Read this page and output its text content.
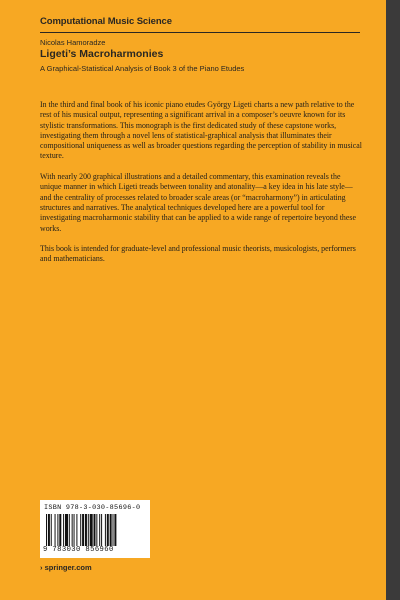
Computational Music Science
Nicolas Hamoradze
Ligeti’s Macroharmonies
A Graphical-Statistical Analysis of Book 3 of the Piano Etudes

In the third and final book of his iconic piano etudes György Ligeti charts a new path relative to the rest of his musical output, representing a significant arrival in a composer’s oeuvre known for its stylistic transformations. This monograph is the first dedicated study of these capstone works, investigating them through a novel lens of statistical-graphical analysis that illuminates their compositional uniqueness as well as broader questions regarding the perception of stability in musical texture.

With nearly 200 graphical illustrations and a detailed commentary, this examination reveals the unique manner in which Ligeti treads between tonality and atonality—a key idea in his late style—and the centrality of processes related to broader scale areas (or “macroharmony”) in articulating structures and narratives. The analytical techniques developed here are a powerful tool for investigating macroharmonic stability that can be applied to a wide range of repertoire beyond these works.

This book is intended for graduate-level and professional music theorists, musicologists, performers and mathematicians.

ISBN 978-3-030-85696-0
9 783030 856960
› springer.com
